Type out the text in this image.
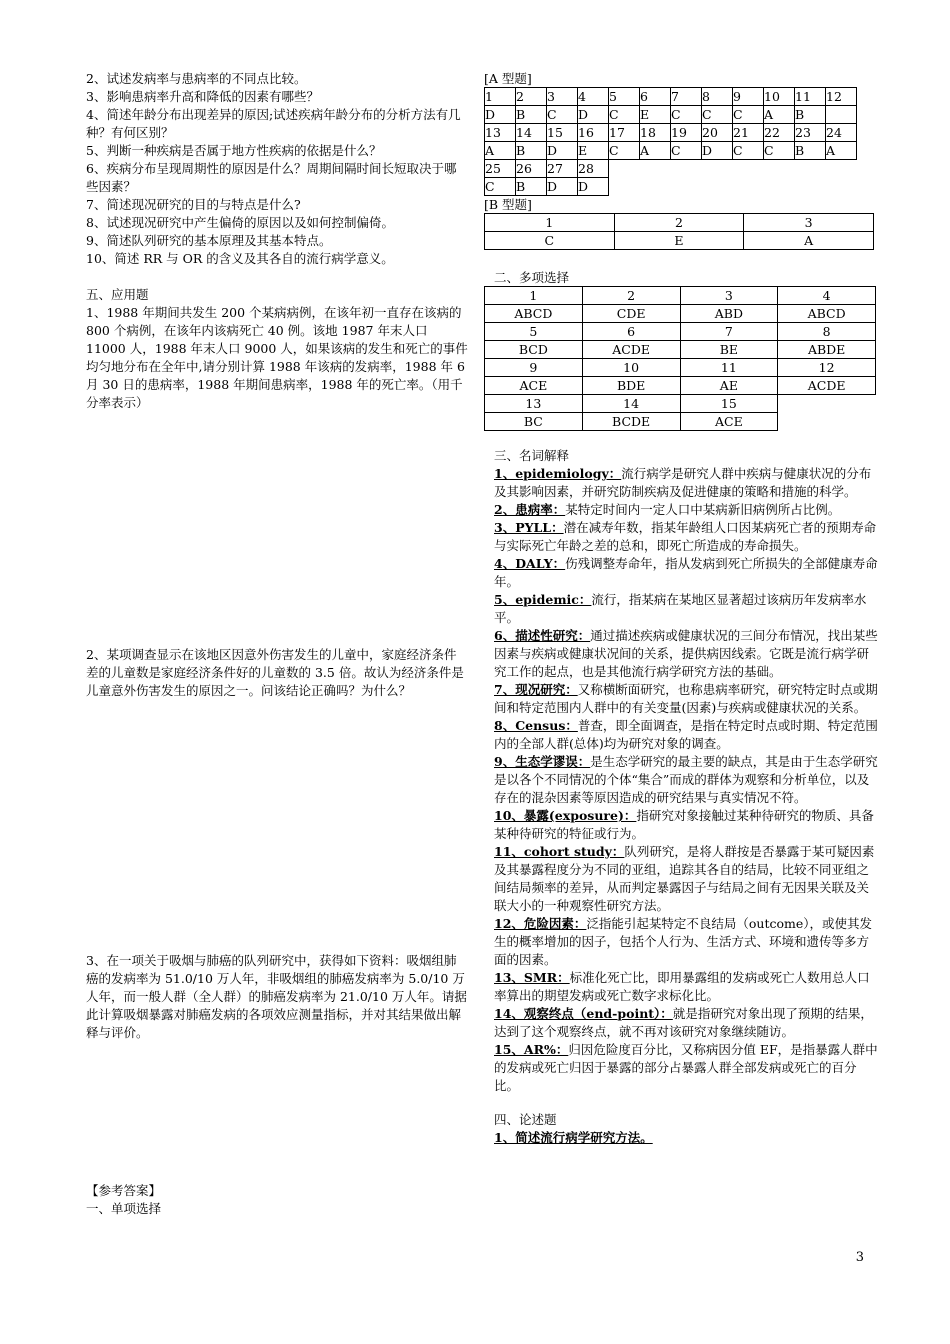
2、试述发病率与患病率的不同点比较。

3、影响患病率升高和降低的因素有哪些？

4、简述年龄分布出现差异的原因;试述疾病年龄分布的分析方法有几种？有何区别？

5、判断一种疾病是否属于地方性疾病的依据是什么？

6、疾病分布呈现周期性的原因是什么？周期间隔时间长短取决于哪些因素？

7、简述现况研究的目的与特点是什么?

8、试述现况研究中产生偏倚的原因以及如何控制偏倚。

9、简述队列研究的基本原理及其基本特点。

10、简述 RR 与 OR 的含义及其各自的流行病学意义。

五、应用题

1、1988 年期间共发生 200 个某病病例，在该年初一直存在该病的 800 个病例，在该年内该病死亡 40 例。该地 1987 年末人口 11000 人，1988 年末人口 9000 人，如果该病的发生和死亡的事件均匀地分布在全年中,请分别计算 1988 年该病的发病率，1988 年 6 月 30 日的患病率，1988 年期间患病率，1988 年的死亡率。（用千分率表示）

2、某项调查显示在该地区因意外伤害发生的儿童中，家庭经济条件差的儿童数是家庭经济条件好的儿童数的 3.5 倍。故认为经济条件是儿童意外伤害发生的原因之一。问该结论正确吗？为什么？

3、在一项关于吸烟与肺癌的队列研究中，获得如下资料：吸烟组肺癌的发病率为 51.0/10 万人年，非吸烟组的肺癌发病率为 5.0/10 万人年，而一般人群（全人群）的肺癌发病率为 21.0/10 万人年。请据此计算吸烟暴露对肺癌发病的各项效应测量指标，并对其结果做出解释与评价。

【参考答案】

一、单项选择

[A 型题]

1	2	3	4	5	6	7	8	9	10	11	12
D	B	C	D	C	E	C	C	C	A	B	
13	14	15	16	17	18	19	20	21	22	23	24
A	B	D	E	C	A	C	D	C	C	B	A
25	26	27	28								
C	B	D	D								

[B 型题]

1	2	3
C	E	A

二、多项选择

1	2	3	4
ABCD	CDE	ABD	ABCD
5	6	7	8
BCD	ACDE	BE	ABDE
9	10	11	12
ACE	BDE	AE	ACDE
13	14	15	
BC	BCDE	ACE	

三、名词解释

1、epidemiology：流行病学是研究人群中疾病与健康状况的分布及其影响因素，并研究防制疾病及促进健康的策略和措施的科学。

2、患病率：某特定时间内一定人口中某病新旧病例所占比例。

3、PYLL：潜在减寿年数，指某年龄组人口因某病死亡者的预期寿命与实际死亡年龄之差的总和，即死亡所造成的寿命损失。

4、DALY：伤残调整寿命年，指从发病到死亡所损失的全部健康寿命年。

5、epidemic：流行，指某病在某地区显著超过该病历年发病率水平。

6、描述性研究：通过描述疾病或健康状况的三间分布情况，找出某些因素与疾病或健康状况间的关系，提供病因线索。它既是流行病学研究工作的起点，也是其他流行病学研究方法的基础。

7、现况研究：又称横断面研究，也称患病率研究，研究特定时点或期间和特定范围内人群中的有关变量(因素)与疾病或健康状况的关系。

8、Census：普查，即全面调查，是指在特定时点或时期、特定范围内的全部人群(总体)均为研究对象的调查。

9、生态学谬误：是生态学研究的最主要的缺点，其是由于生态学研究是以各个不同情况的个体“集合”而成的群体为观察和分析单位，以及存在的混杂因素等原因造成的研究结果与真实情况不符。

10、暴露(exposure)：指研究对象接触过某种待研究的物质、具备某种待研究的特征或行为。

11、cohort study：队列研究，是将人群按是否暴露于某可疑因素及其暴露程度分为不同的亚组，追踪其各自的结局，比较不同亚组之间结局频率的差异，从而判定暴露因子与结局之间有无因果关联及关联大小的一种观察性研究方法。

12、危险因素：泛指能引起某特定不良结局（outcome），或使其发生的概率增加的因子，包括个人行为、生活方式、环境和遗传等多方面的因素。

13、SMR：标准化死亡比，即用暴露组的发病或死亡人数用总人口率算出的期望发病或死亡数字求标化比。

14、观察终点（end-point）：就是指研究对象出现了预期的结果，达到了这个观察终点，就不再对该研究对象继续随访。

15、AR%：归因危险度百分比，又称病因分值 EF，是指暴露人群中的发病或死亡归因于暴露的部分占暴露人群全部发病或死亡的百分比。

四、论述题

1、简述流行病学研究方法。

3
